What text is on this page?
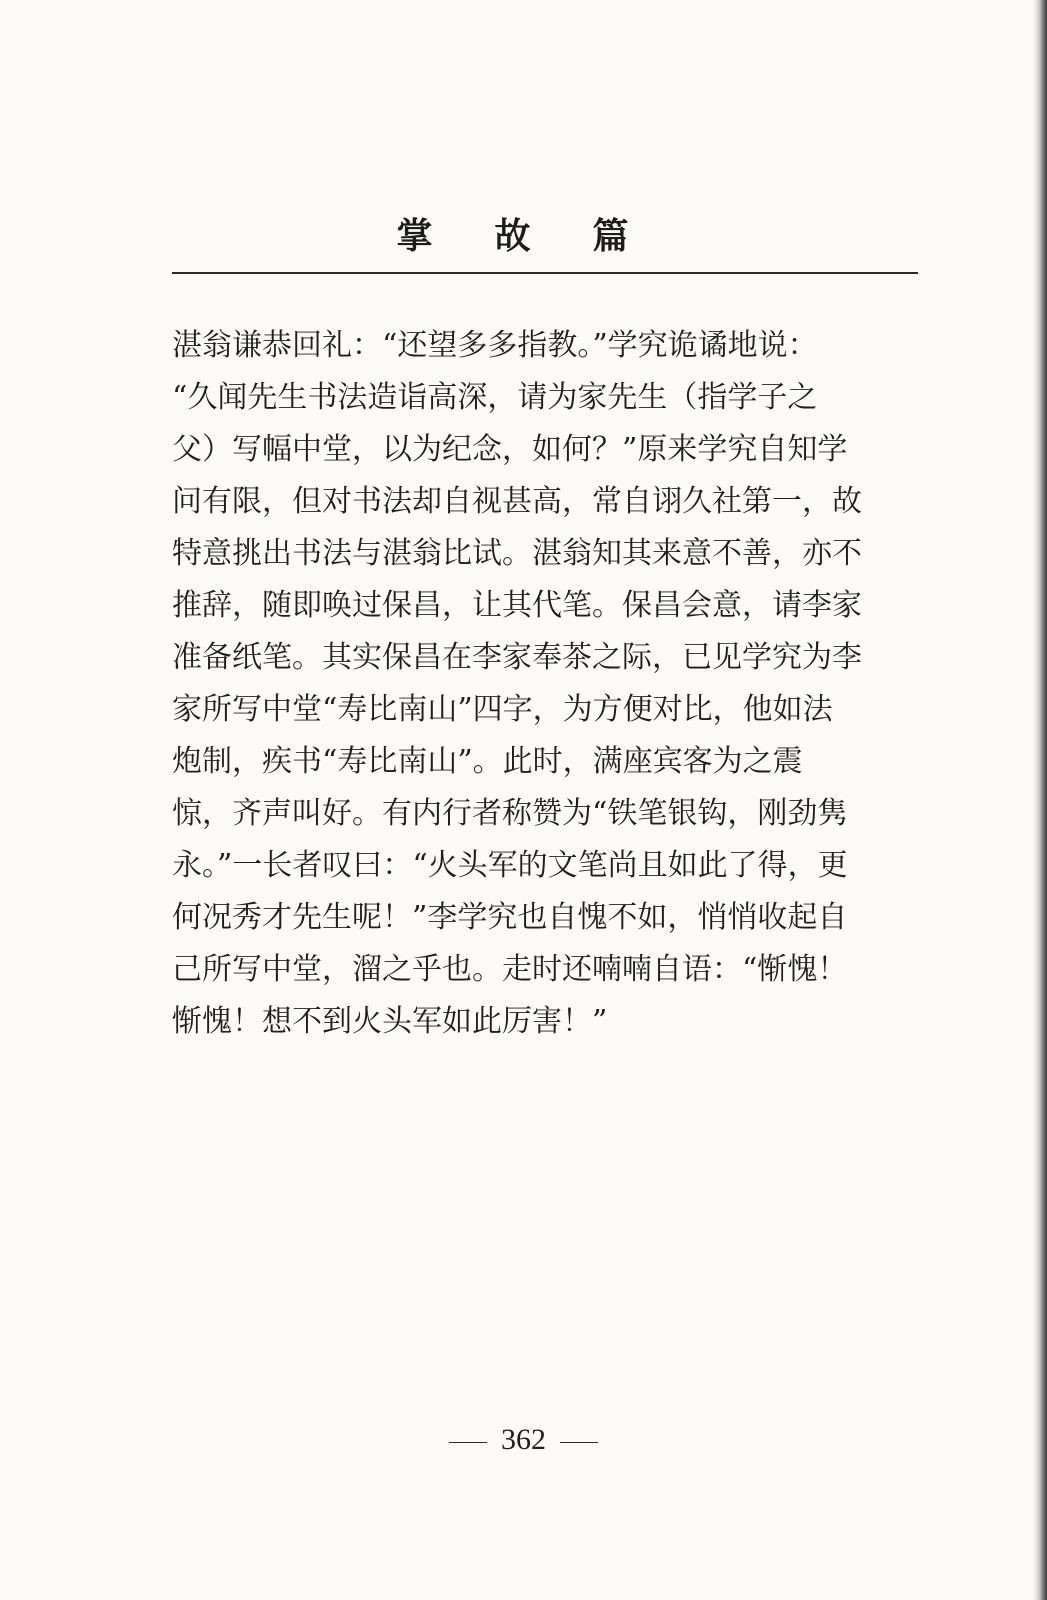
掌故篇
湛翁谦恭回礼：“还望多多指教。”学究诡谲地说：
“久闻先生书法造诣高深，请为家先生（指学子之
父）写幅中堂，以为纪念，如何？”原来学究自知学
问有限，但对书法却自视甚高，常自诩久社第一，故
特意挑出书法与湛翁比试。湛翁知其来意不善，亦不
推辞，随即唤过保昌，让其代笔。保昌会意，请李家
准备纸笔。其实保昌在李家奉茶之际，已见学究为李
家所写中堂“寿比南山”四字，为方便对比，他如法
炮制，疾书“寿比南山”。此时，满座宾客为之震
惊，齐声叫好。有内行者称赞为“铁笔银钩，刚劲隽
永。”一长者叹曰：“火头军的文笔尚且如此了得，更
何况秀才先生呢！”李学究也自愧不如，悄悄收起自
己所写中堂，溜之乎也。走时还喃喃自语：“惭愧！
惭愧！想不到火头军如此厉害！”
362
